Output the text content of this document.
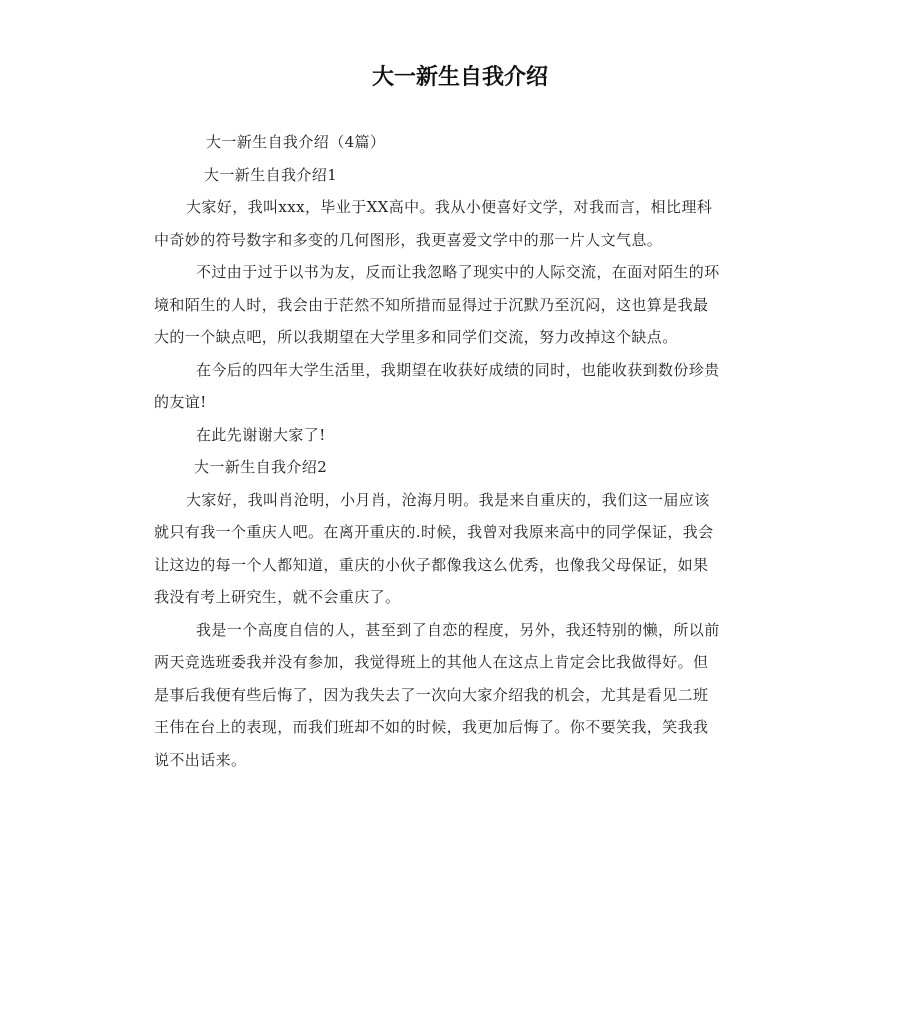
大一新生自我介绍
大一新生自我介绍（4篇）
大一新生自我介绍1
大家好，我叫xxx，毕业于XX高中。我从小便喜好文学，对我而言，相比理科
中奇妙的符号数字和多变的几何图形，我更喜爱文学中的那一片人文气息。
不过由于过于以书为友，反而让我忽略了现实中的人际交流，在面对陌生的环
境和陌生的人时，我会由于茫然不知所措而显得过于沉默乃至沉闷，这也算是我最
大的一个缺点吧，所以我期望在大学里多和同学们交流，努力改掉这个缺点。
在今后的四年大学生活里，我期望在收获好成绩的同时，也能收获到数份珍贵
的友谊!
在此先谢谢大家了!
大一新生自我介绍2
大家好，我叫肖沧明，小月肖，沧海月明。我是来自重庆的，我们这一届应该
就只有我一个重庆人吧。在离开重庆的.时候，我曾对我原来高中的同学保证，我会
让这边的每一个人都知道，重庆的小伙子都像我这么优秀，也像我父母保证，如果
我没有考上研究生，就不会重庆了。
我是一个高度自信的人，甚至到了自恋的程度，另外，我还特别的懒，所以前
两天竞选班委我并没有参加，我觉得班上的其他人在这点上肯定会比我做得好。但
是事后我便有些后悔了，因为我失去了一次向大家介绍我的机会，尤其是看见二班
王伟在台上的表现，而我们班却不如的时候，我更加后悔了。你不要笑我，笑我我
说不出话来。
